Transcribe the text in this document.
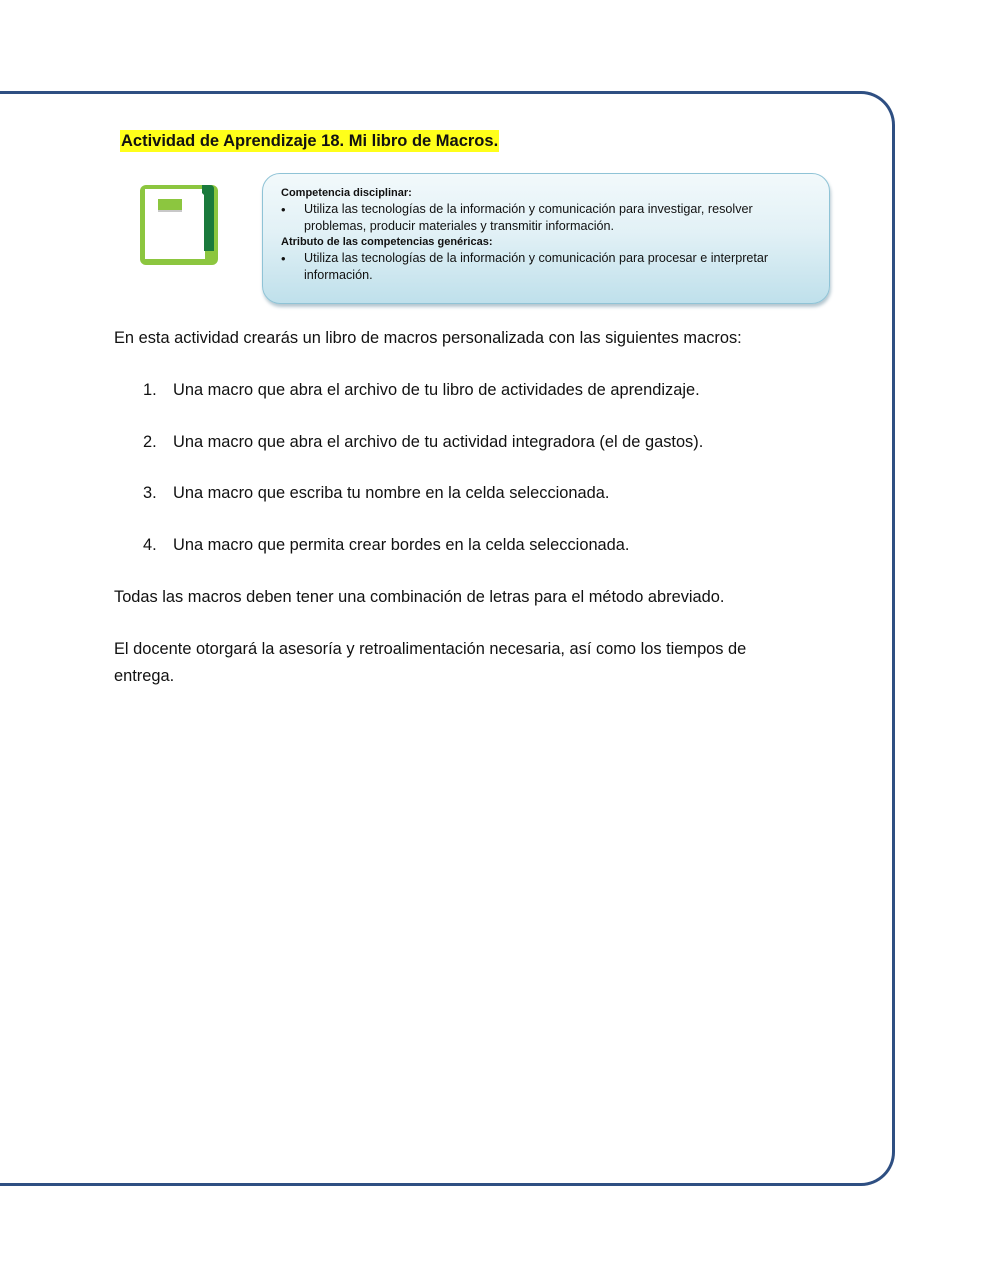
Actividad de Aprendizaje 18. Mi libro de Macros.
Competencia disciplinar:
• Utiliza las tecnologías de la información y comunicación para investigar, resolver problemas, producir materiales y transmitir información.
Atributo de las competencias genéricas:
• Utiliza las tecnologías de la información y comunicación para procesar e interpretar información.
En esta actividad crearás un libro de macros personalizada con las siguientes macros:
1. Una macro que abra el archivo de tu libro de actividades de aprendizaje.
2. Una macro que abra el archivo de tu actividad integradora (el de gastos).
3. Una macro que escriba tu nombre en la celda seleccionada.
4. Una macro que permita crear bordes en la celda seleccionada.
Todas las macros deben tener una combinación de letras para el método abreviado.
El docente otorgará la asesoría y retroalimentación necesaria, así como los tiempos de entrega.
